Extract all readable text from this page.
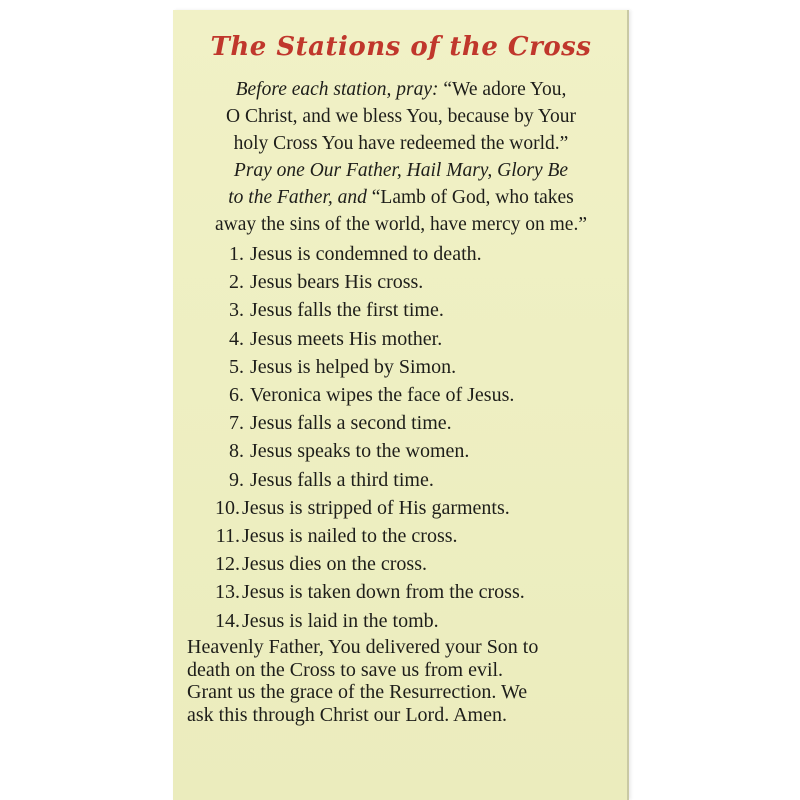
The Stations of the Cross

Before each station, pray: “We adore You,
O Christ, and we bless You, because by Your
holy Cross You have redeemed the world.”
Pray one Our Father, Hail Mary, Glory Be
to the Father, and “Lamb of God, who takes
away the sins of the world, have mercy on me.”

1. Jesus is condemned to death.
2. Jesus bears His cross.
3. Jesus falls the first time.
4. Jesus meets His mother.
5. Jesus is helped by Simon.
6. Veronica wipes the face of Jesus.
7. Jesus falls a second time.
8. Jesus speaks to the women.
9. Jesus falls a third time.
10. Jesus is stripped of His garments.
11. Jesus is nailed to the cross.
12. Jesus dies on the cross.
13. Jesus is taken down from the cross.
14. Jesus is laid in the tomb.

Heavenly Father, You delivered your Son to
death on the Cross to save us from evil.
Grant us the grace of the Resurrection. We
ask this through Christ our Lord. Amen.
